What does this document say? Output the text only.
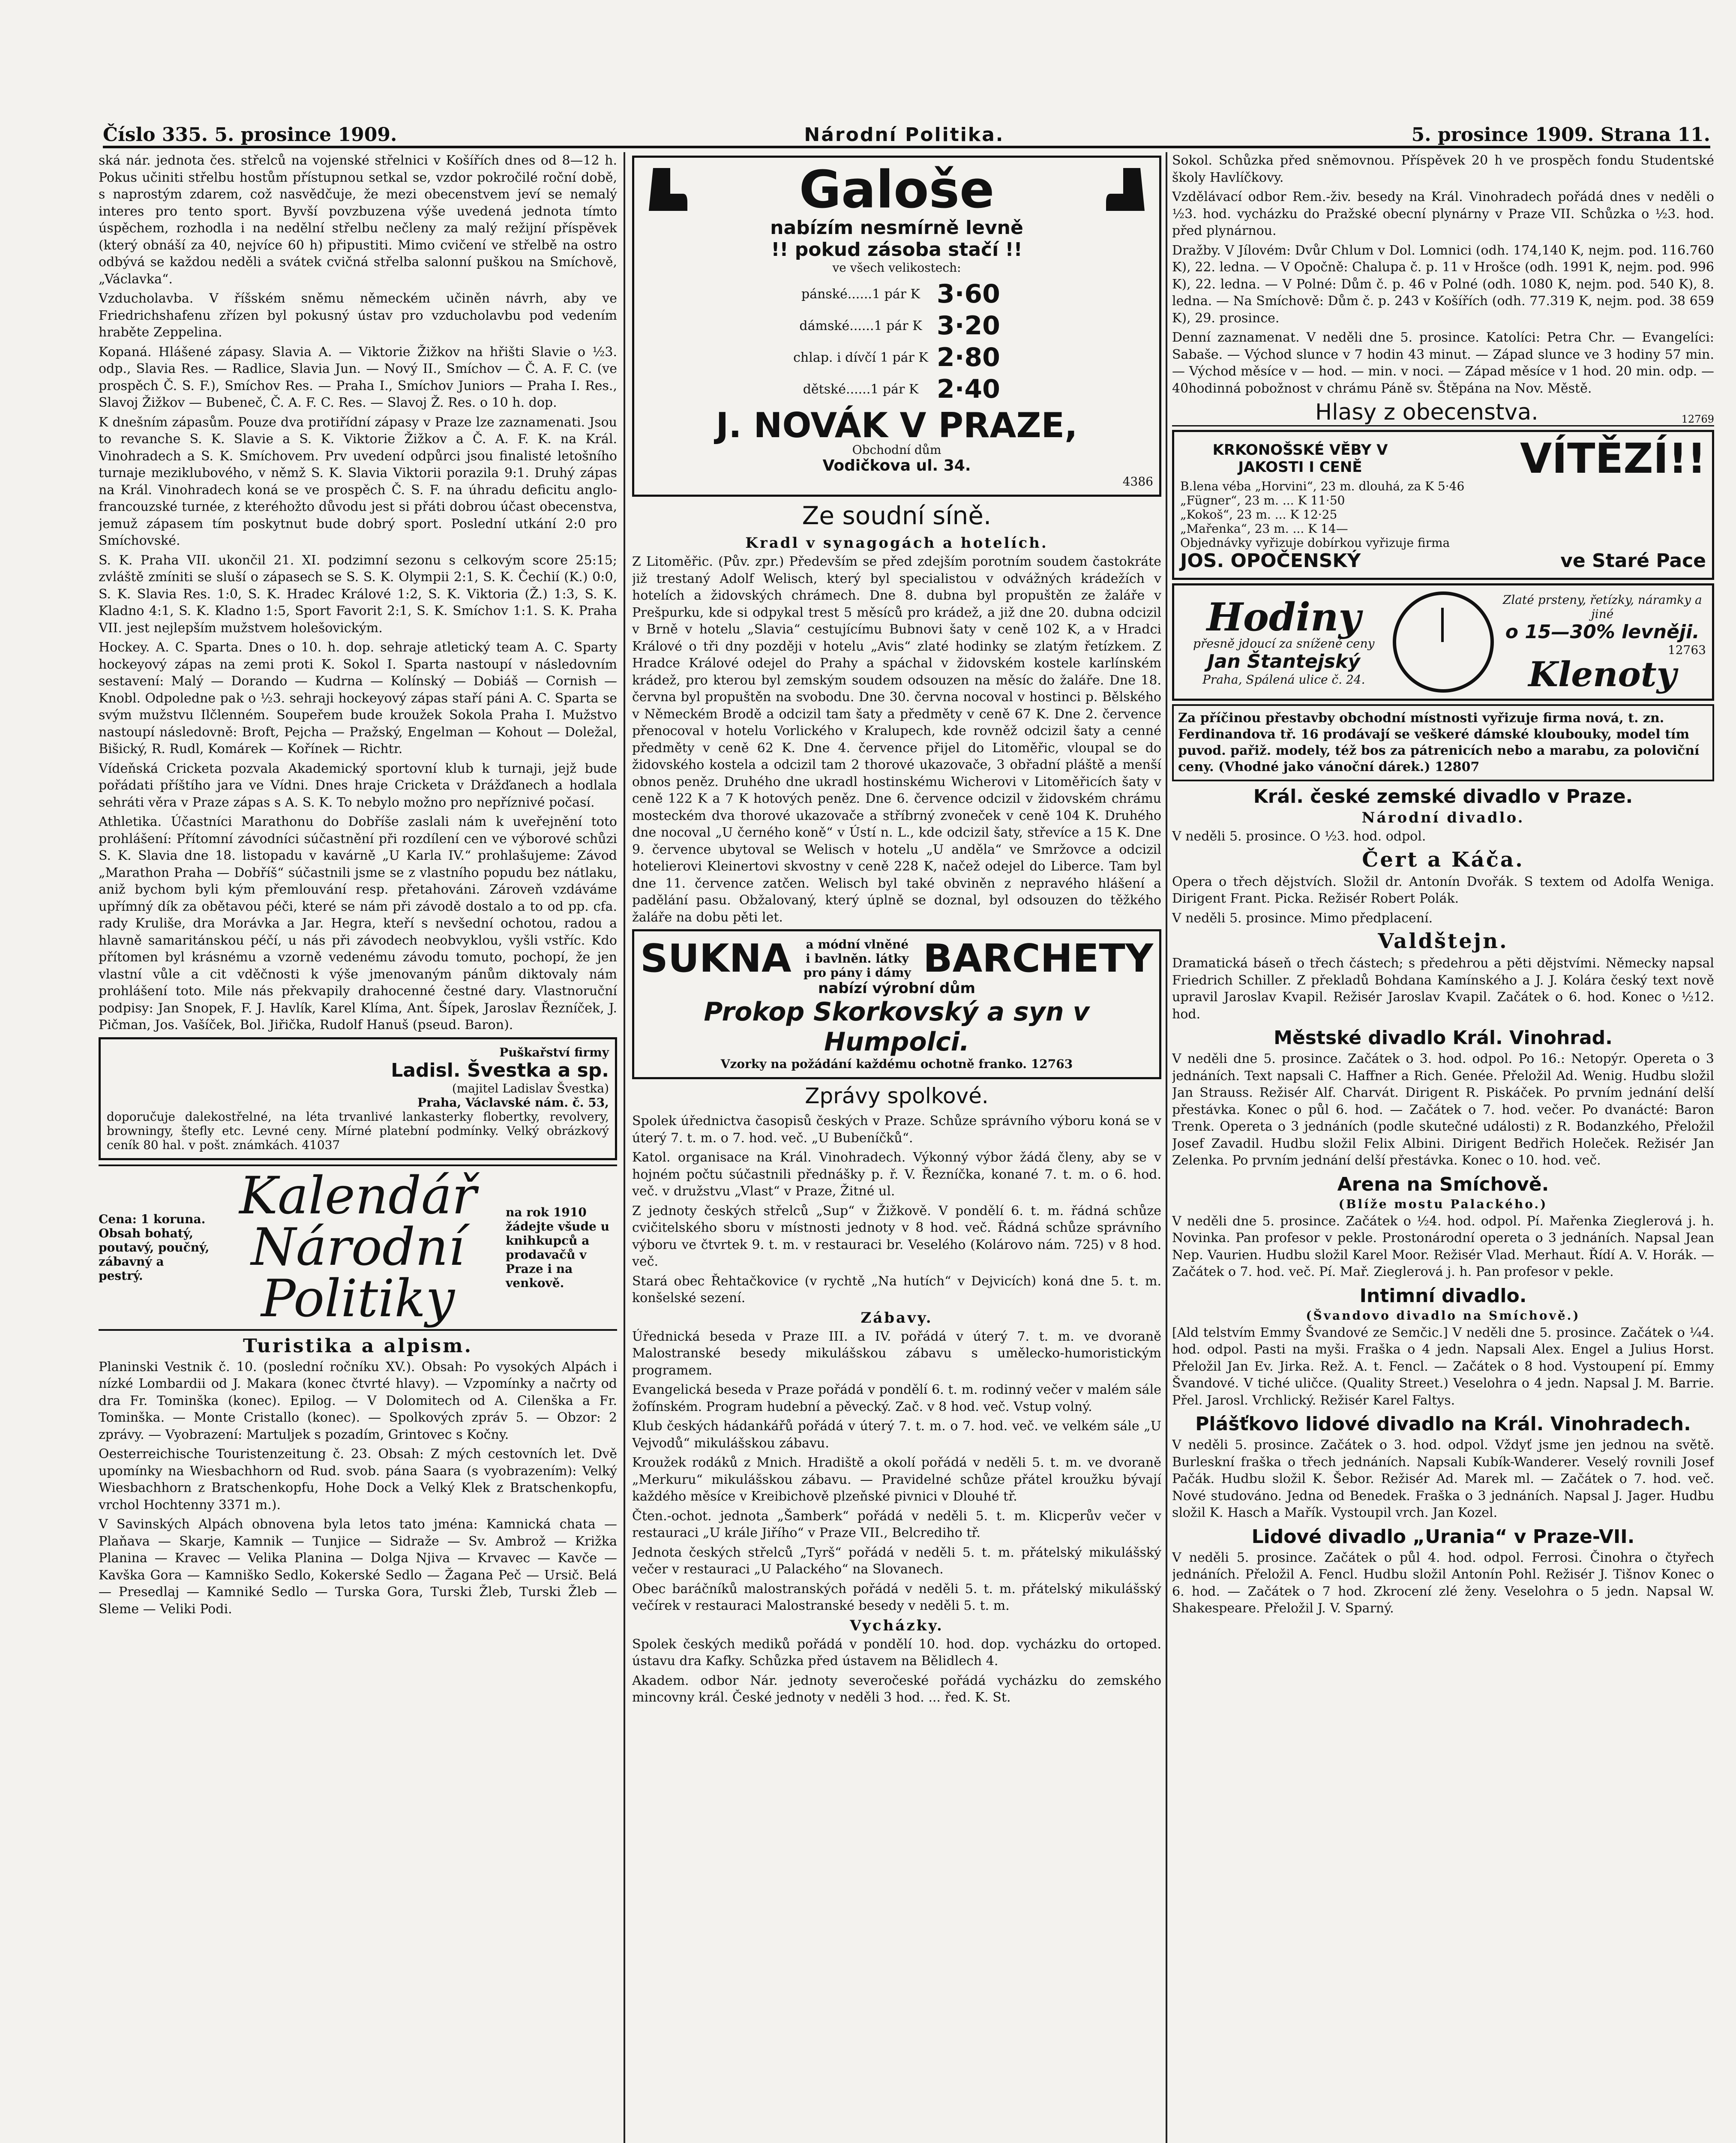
Číslo 335. 5. prosince 1909.	Národní Politika.	5. prosince 1909. Strana 11.

ská nár. jednota čes. střelců na vojenské střelnici v Košířích dnes od 8—12 h. Pokus učiniti střelbu hostům přístupnou setkal se, vzdor pokročilé roční době, s naprostým zdarem, což nasvědčuje, že mezi obecenstvem jeví se nemalý interes pro tento sport. Byvší povzbuzena výše uvedená jednota tímto úspěchem, rozhodla i na nedělní střelbu nečleny za malý režijní příspěvek (který obnáší za 40, nejvíce 60 h) připustiti. Mimo cvičení ve střelbě na ostro odbývá se každou neděli a svátek cvičná střelba salonní puškou na Smíchově, „Václavka“.

Vzducholavba. V říšském sněmu německém učiněn návrh, aby ve Friedrichshafenu zřízen byl pokusný ústav pro vzducholavbu pod vedením hraběte Zeppelina.

Kopaná. Hlášené zápasy. Slavia A. — Viktorie Žižkov na hřišti Slavie o ½3. odp., Slavia Res. — Radlice, Slavia Jun. — Nový II., Smíchov — Č. A. F. C. (ve prospěch Č. S. F.), Smíchov Res. — Praha I., Smíchov Juniors — Praha I. Res., Slavoj Žižkov — Bubeneč, Č. A. F. C. Res. — Slavoj Ž. Res. o 10 h. dop.

K dnešním zápasům. Pouze dva protiřídní zápasy v Praze lze zaznamenati. Jsou to revanche S. K. Slavie a S. K. Viktorie Žižkov a Č. A. F. K. na Král. Vinohradech a S. K. Smíchovem. Prv uvedení odpůrci jsou finalisté letošního turnaje meziklubového, v němž S. K. Slavia Viktorii porazila 9:1. Druhý zápas na Král. Vinohradech koná se ve prospěch Č. S. F. na úhradu deficitu anglo-francouzské turnée, z kteréhožto důvodu jest si přáti dobrou účast obecenstva, jemuž zápasem tím poskytnut bude dobrý sport. Poslední utkání 2:0 pro Smíchovské.

S. K. Praha VII. ukončil 21. XI. podzimní sezonu s celkovým score 25:15; zvláště zmíniti se sluší o zápasech se S. S. K. Olympii 2:1, S. K. Čechií (K.) 0:0, S. K. Slavia Res. 1:0, S. K. Hradec Králové 1:2, S. K. Viktoria (Ž.) 1:3, S. K. Kladno 4:1, S. K. Kladno 1:5, Sport Favorit 2:1, S. K. Smíchov 1:1. S. K. Praha VII. jest nejlepším mužstvem holešovickým.

Hockey. A. C. Sparta. Dnes o 10. h. dop. sehraje atletický team A. C. Sparty hockeyový zápas na zemi proti K. Sokol I. Sparta nastoupí v následovním sestavení: Malý — Dorando — Kudrna — Kolínský — Dobiáš — Cornish — Knobl. Odpoledne pak o ½3. sehraji hockeyový zápas staří páni A. C. Sparta se svým mužstvu Ilčlenném. Soupeřem bude kroužek Sokola Praha I. Mužstvo nastoupí následovně: Broft, Pejcha — Pražský, Engelman — Kohout — Doležal, Bišický, R. Rudl, Komárek — Kořínek — Richtr.

Vídeňská Cricketa pozvala Akademický sportovní klub k turnaji, jejž bude pořádati příštího jara ve Vídni. Dnes hraje Cricketa v Drážďanech a hodlala sehráti věra v Praze zápas s A. S. K. To nebylo možno pro nepříznivé počasí.

Athletika. Účastníci Marathonu do Dobříše zaslali nám k uveřejnění toto prohlášení: Přítomní závodníci súčastnění při rozdílení cen ve výborové schůzi S. K. Slavia dne 18. listopadu v kavárně „U Karla IV.“ prohlašujeme: Závod „Marathon Praha — Dobříš“ súčastnili jsme se z vlastního popudu bez nátlaku, aniž bychom byli kým přemlouvání resp. přetahováni. Zároveň vzdáváme upřímný dík za obětavou péči, které se nám při závodě dostalo a to od pp. cfa. rady Kruliše, dra Morávka a Jar. Hegra, kteří s nevšední ochotou, radou a hlavně samaritánskou péčí, u nás při závodech neobvyklou, vyšli vstříc. Kdo přítomen byl krásnému a vzorně vedenému závodu tomuto, pochopí, že jen vlastní vůle a cit vděčnosti k výše jmenovaným pánům diktovaly nám prohlášení toto. Mile nás překvapily drahocenné čestné dary. Vlastnoruční podpisy: Jan Snopek, F. J. Havlík, Karel Klíma, Ant. Šípek, Jaroslav Řezníček, J. Pičman, Jos. Vašíček, Bol. Jiřička, Rudolf Hanuš (pseud. Baron).

Puškařství firmy
Ladisl. Švestka a sp.
(majitel Ladislav Švestka)
Praha, Václavské nám. č. 53,
doporučuje dalekostřelné, na léta trvanlivé lankasterky flobertky, revolvery, browningy, štefly etc. Levné ceny. Mírné platební podmínky. Velký obrázkový ceník 80 hal. v pošt. známkách. 41037
Cena: 1 koruna. Obsah bohatý, poutavý, poučný, zábavný a pestrý.
Kalendář
Národní
Politiky
na rok 1910 žádejte všude u knihkupců a prodavačů v Praze i na venkově.
Turistika a alpism.

Planinski Vestnik č. 10. (poslední ročníku XV.). Obsah: Po vysokých Alpách i nízké Lombardii od J. Makara (konec čtvrté hlavy). — Vzpomínky a načrty od dra Fr. Tominška (konec). Epilog. — V Dolomitech od A. Cilenška a Fr. Tominška. — Monte Cristallo (konec). — Spolkových zpráv 5. — Obzor: 2 zprávy. — Vyobrazení: Martuljek s pozadím, Grintovec s Kočny.

Oesterreichische Touristenzeitung č. 23. Obsah: Z mých cestovních let. Dvě upomínky na Wiesbachhorn od Rud. svob. pána Saara (s vyobrazením): Velký Wiesbachhorn z Bratschenkopfu, Hohe Dock a Velký Klek z Bratschenkopfu, vrchol Hochtenny 3371 m.).

V Savinských Alpách obnovena byla letos tato jména: Kamnická chata — Plaňava — Skarje, Kamnik — Tunjice — Sidraže — Sv. Ambrož — Križka Planina — Kravec — Velika Planina — Dolga Njiva — Krvavec — Kavče — Kavška Gora — Kamniško Sedlo, Kokerské Sedlo — Žagana Peč — Ursič. Belá — Presedlaj — Kamniké Sedlo — Turska Gora, Turski Žleb, Turski Žleb — Sleme — Veliki Podi.

Galoše
nabízím nesmírně levně
!! pokud zásoba stačí !!
ve všech velikostech:
pánské......1 pár K	3·60
dámské......1 pár K	3·20
chlap. i dívčí 1 pár K	2·80
dětské......1 pár K	2·40
J. NOVÁK V PRAZE,
Obchodní dům
Vodičkova ul. 34.
4386
Ze soudní síně.
Kradl v synagogách a hotelích.

Z Litoměřic. (Pův. zpr.) Především se před zdejším porotním soudem častokráte již trestaný Adolf Welisch, který byl specialistou v odvážných krádežích v hotelích a židovských chrámech. Dne 8. dubna byl propuštěn ze žaláře v Prešpurku, kde si odpykal trest 5 měsíců pro krádež, a již dne 20. dubna odcizil v Brně v hotelu „Slavia“ cestujícímu Bubnovi šaty v ceně 102 K, a v Hradci Králové o tři dny později v hotelu „Avis“ zlaté hodinky se zlatým řetízkem. Z Hradce Králové odejel do Prahy a spáchal v židovském kostele karlínském krádež, pro kterou byl zemským soudem odsouzen na měsíc do žaláře. Dne 18. června byl propuštěn na svobodu. Dne 30. června nocoval v hostinci p. Bělského v Německém Brodě a odcizil tam šaty a předměty v ceně 67 K. Dne 2. července přenocoval v hotelu Vorlického v Kralupech, kde rovněž odcizil šaty a cenné předměty v ceně 62 K. Dne 4. července přijel do Litoměřic, vloupal se do židovského kostela a odcizil tam 2 thorové ukazovače, 3 obřadní pláště a menší obnos peněz. Druhého dne ukradl hostinskému Wicherovi v Litoměřicích šaty v ceně 122 K a 7 K hotových peněz. Dne 6. července odcizil v židovském chrámu mosteckém dva thorové ukazovače a stříbrný zvoneček v ceně 104 K. Druhého dne nocoval „U černého koně“ v Ústí n. L., kde odcizil šaty, střevíce a 15 K. Dne 9. července ubytoval se Welisch v hotelu „U anděla“ ve Smržovce a odcizil hotelierovi Kleinertovi skvostny v ceně 228 K, načež odejel do Liberce. Tam byl dne 11. července zatčen. Welisch byl také obviněn z nepravého hlášení a padělání pasu. Obžalovaný, který úplně se doznal, byl odsouzen do těžkého žaláře na dobu pěti let.

SUKNA	a módní vlněné i bavlněn. látky pro pány i dámy BARCHETY
nabízí výrobní dům
Prokop Skorkovský a syn v Humpolci.
Vzorky na požádání každému ochotně franko. 12763
Zprávy spolkové.

Spolek úřednictva časopisů českých v Praze. Schůze správního výboru koná se v úterý 7. t. m. o 7. hod. več. „U Bubeníčků“.

Katol. organisace na Král. Vinohradech. Výkonný výbor žádá členy, aby se v hojném počtu súčastnili přednášky p. ř. V. Řezníčka, konané 7. t. m. o 6. hod. več. v družstvu „Vlast“ v Praze, Žitné ul.

Z jednoty českých střelců „Sup“ v Žižkově. V pondělí 6. t. m. řádná schůze cvičitelského sboru v místnosti jednoty v 8 hod. več. Řádná schůze správního výboru ve čtvrtek 9. t. m. v restauraci br. Veselého (Kolárovo nám. 725) v 8 hod. več.

Stará obec Řehtačkovice (v rychtě „Na hutích“ v Dejvicích) koná dne 5. t. m. konšelské sezení.

Zábavy.

Úřednická beseda v Praze III. a IV. pořádá v úterý 7. t. m. ve dvoraně Malostranské besedy mikulášskou zábavu s umělecko-humoristickým programem.

Evangelická beseda v Praze pořádá v pondělí 6. t. m. rodinný večer v malém sále žofínském. Program hudební a pěvecký. Zač. v 8 hod. več. Vstup volný.

Klub českých hádankářů pořádá v úterý 7. t. m. o 7. hod. več. ve velkém sále „U Vejvodů“ mikulášskou zábavu.

Kroužek rodáků z Mnich. Hradiště a okolí pořádá v neděli 5. t. m. ve dvoraně „Merkuru“ mikulášskou zábavu. — Pravidelné schůze přátel kroužku bývají každého měsíce v Kreibichově plzeňské pivnici v Dlouhé tř.

Čten.-ochot. jednota „Šamberk“ pořádá v neděli 5. t. m. Klicperův večer v restauraci „U krále Jiřího“ v Praze VII., Belcrediho tř.

Jednota českých střelců „Tyrš“ pořádá v neděli 5. t. m. přátelský mikulášský večer v restauraci „U Palackého“ na Slovanech.

Obec baráčníků malostranských pořádá v neděli 5. t. m. přátelský mikulášský večírek v restauraci Malostranské besedy v neděli 5. t. m.

Vycházky.

Spolek českých mediků pořádá v pondělí 10. hod. dop. vycházku do ortoped. ústavu dra Kafky. Schůzka před ústavem na Bělidlech 4.

Akadem. odbor Nár. jednoty severočeské pořádá vycházku do zemského mincovny král. České jednoty v neděli 3 hod. ... řed. K. St.

Sokol. Schůzka před sněmovnou. Příspěvek 20 h ve prospěch fondu Studentské školy Havlíčkovy.

Vzdělávací odbor Rem.-živ. besedy na Král. Vinohradech pořádá dnes v neděli o ½3. hod. vycházku do Pražské obecní plynárny v Praze VII. Schůzka o ½3. hod. před plynárnou.

Dražby. V Jílovém: Dvůr Chlum v Dol. Lomnici (odh. 174,140 K, nejm. pod. 116.760 K), 22. ledna. — V Opočně: Chalupa č. p. 11 v Hrošce (odh. 1991 K, nejm. pod. 996 K), 22. ledna. — V Polné: Dům č. p. 46 v Polné (odh. 1080 K, nejm. pod. 540 K), 8. ledna. — Na Smíchově: Dům č. p. 243 v Košířích (odh. 77.319 K, nejm. pod. 38 659 K), 29. prosince.

Denní zaznamenat. V neděli dne 5. prosince. Katolíci: Petra Chr. — Evangelíci: Sabaše. — Východ slunce v 7 hodin 43 minut. — Západ slunce ve 3 hodiny 57 min. — Východ měsíce v — hod. — min. v noci. — Západ měsíce v 1 hod. 20 min. odp. — 40hodinná pobožnost v chrámu Páně sv. Štěpána na Nov. Městě.

Hlasy z obecenstva.	12769
KRKONOŠSKÉ VĚBY V JAKOSTI I CENĚ	VÍTĚZÍ!!
B.lena véba „Horvini“, 23 m. dlouhá, za K 5·46
„Fügner“, 23 m. ... K 11·50
„Kokoš“, 23 m. ... K 12·25
„Mařenka“, 23 m. ... K 14—
Objednávky vyřizuje dobírkou vyřizuje firma
JOS. OPOČENSKÝ	ve Staré Pace
Hodiny
přesně jdoucí za snížené ceny
Jan Štantejský
Praha, Spálená ulice č. 24.
Zlaté prsteny, řetízky, náramky a jiné
o 15—30% levněji.
12763
Klenoty
Za příčinou přestavby obchodní místnosti vyřizuje firma nová, t. zn. Ferdinandova tř. 16 prodávají se veškeré dámské kloubouky, model tím puvod. pařiž. modely, též bos za pátrenicích nebo a marabu, za poloviční ceny. (Vhodné jako vánoční dárek.) 12807
Král. české zemské divadlo v Praze.
Národní divadlo.

V neděli 5. prosince. O ½3. hod. odpol.

Čert a Káča.

Opera o třech dějstvích. Složil dr. Antonín Dvořák. S textem od Adolfa Wenigа. Dirigent Frant. Picka. Režisér Robert Polák.

V neděli 5. prosince. Mimo předplacení.

Valdštejn.

Dramatická báseň o třech částech; s předehrou a pěti dějstvími. Německy napsal Friedrich Schiller. Z překladů Bohdana Kamínského a J. J. Kolára český text nově upravil Jaroslav Kvapil. Režisér Jaroslav Kvapil. Začátek o 6. hod. Konec o ½12. hod.

Městské divadlo Král. Vinohrad.

V neděli dne 5. prosince. Začátek o 3. hod. odpol. Po 16.: Netopýr. Opereta o 3 jednáních. Text napsali C. Haffner a Rich. Genée. Přeložil Ad. Wenig. Hudbu složil Jan Strauss. Režisér Alf. Charvát. Dirigent R. Piskáček. Po prvním jednání delší přestávka. Konec o půl 6. hod. — Začátek o 7. hod. večer. Po dvanácté: Baron Trenk. Opereta o 3 jednáních (podle skutečné události) z R. Bodanzkého, Přeložil Josef Zavadil. Hudbu složil Felix Albini. Dirigent Bedřich Holeček. Režisér Jan Zelenka. Po prvním jednání delší přestávka. Konec o 10. hod. več.

Arena na Smíchově.
(Blíže mostu Palackého.)

V neděli dne 5. prosince. Začátek o ½4. hod. odpol. Pí. Mařenka Zieglerová j. h. Novinka. Pan profesor v pekle. Prostonárodní opereta o 3 jednáních. Napsal Jean Nep. Vaurien. Hudbu složil Karel Moor. Režisér Vlad. Merhaut. Řídí A. V. Horák. — Začátek o 7. hod. več. Pí. Mař. Zieglerová j. h. Pan profesor v pekle.

Intimní divadlo.
(Švandovo divadlo na Smíchově.)

[Ald telstvím Emmy Švandové ze Semčic.] V neděli dne 5. prosince. Začátek o ¼4. hod. odpol. Pasti na myši. Fraška o 4 jedn. Napsali Alex. Engel a Julius Horst. Přeložil Jan Ev. Jirka. Rež. A. t. Fencl. — Začátek o 8 hod. Vystoupení pí. Emmy Švandové. V tiché uličce. (Quality Street.) Veselohra o 4 jedn. Napsal J. M. Barrie. Přel. Jarosl. Vrchlický. Režisér Karel Faltys.

Plášťkovo lidové divadlo na Král. Vinohradech.

V neděli 5. prosince. Začátek o 3. hod. odpol. Vždyť jsme jen jednou na světě. Burleskní fraška o třech jednáních. Napsali Kubík-Wanderer. Veselý rovnili Josef Pačák. Hudbu složil K. Šebor. Režisér Ad. Marek ml. — Začátek o 7. hod. več. Nové studováno. Jedna od Benedek. Fraška o 3 jednáních. Napsal J. Jager. Hudbu složil K. Hasch a Mařík. Vystoupil vrch. Jan Kozel.

Lidové divadlo „Urania“ v Praze-VII.

V neděli 5. prosince. Začátek o půl 4. hod. odpol. Ferrosi. Činohra o čtyřech jednáních. Přeložil A. Fencl. Hudbu složil Antonín Pohl. Režisér J. Tišnov Konec o 6. hod. — Začátek o 7 hod. Zkrocení zlé ženy. Veselohra o 5 jedn. Napsal W. Shakespeare. Přeložil J. V. Sparný.
